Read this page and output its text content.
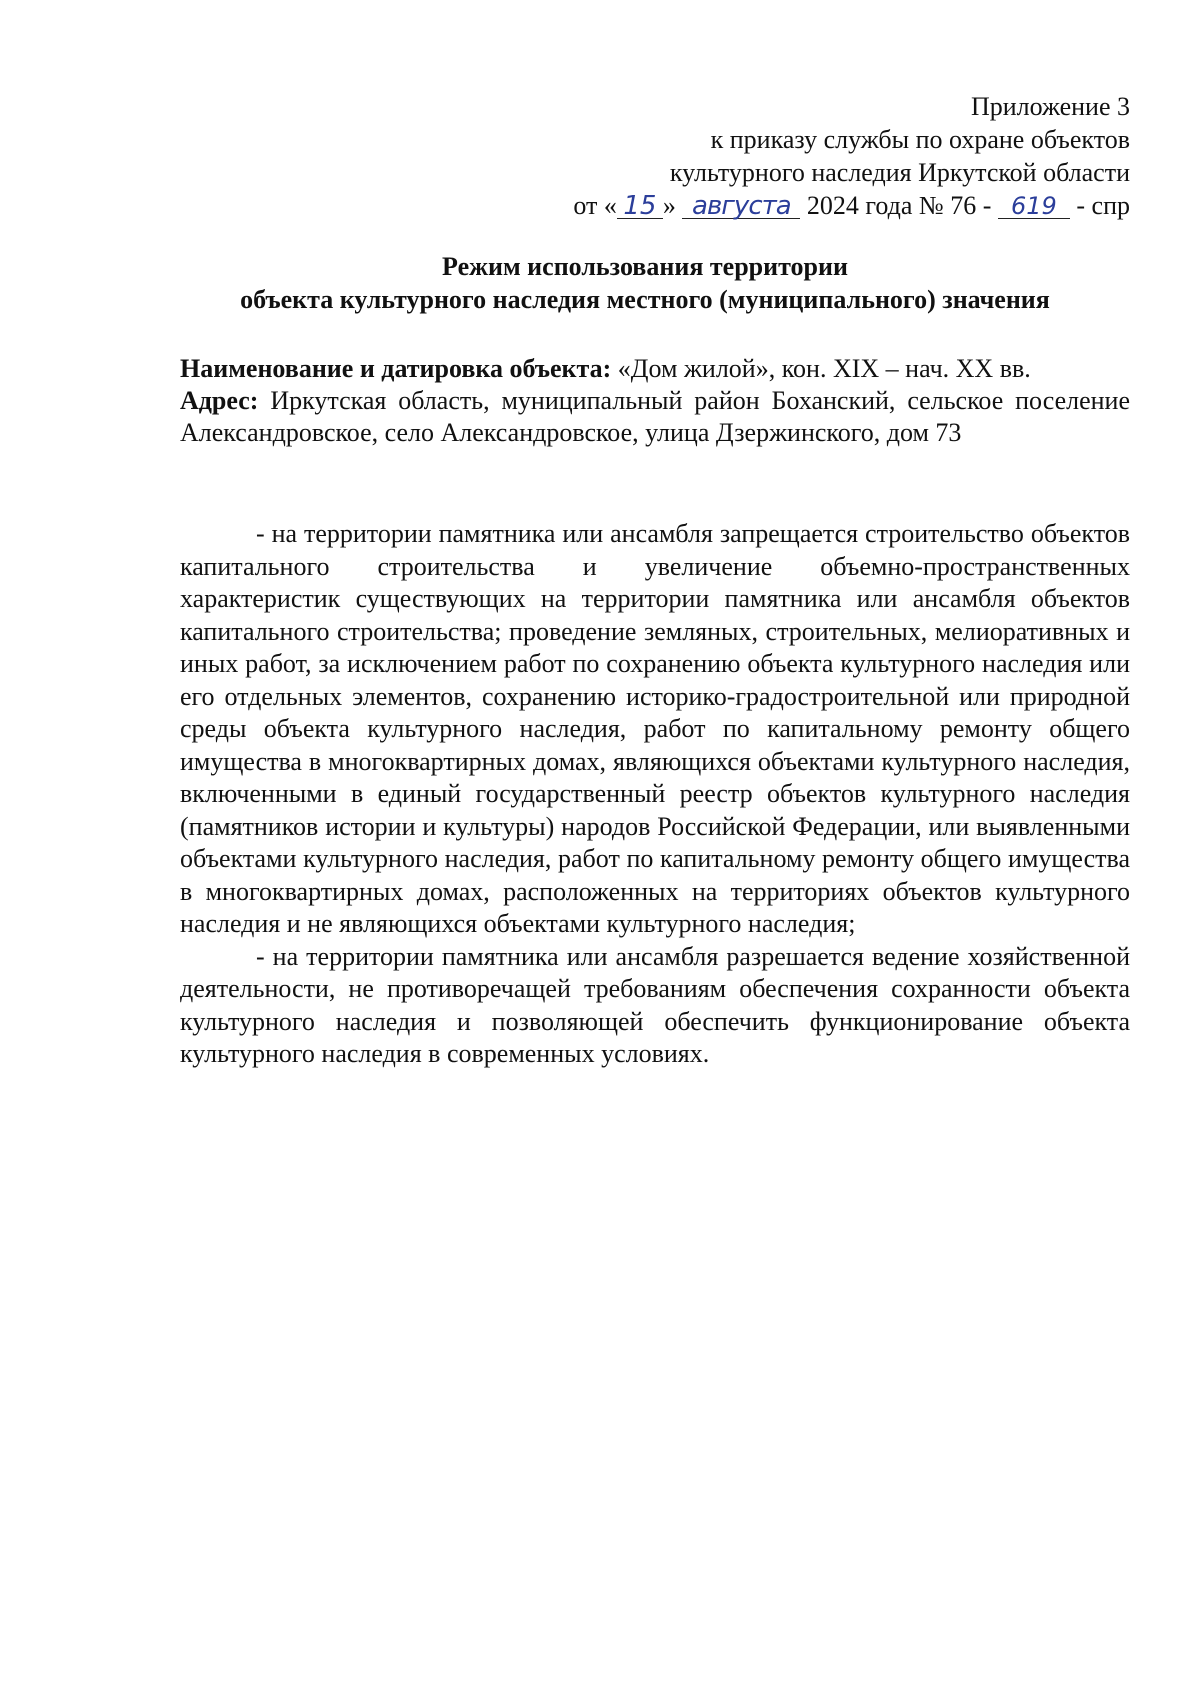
Приложение 3
к приказу службы по охране объектов
культурного наследия Иркутской области
от « 15 » августа 2024 года № 76 - 619 - спр
Режим использования территории
объекта культурного наследия местного (муниципального) значения

Наименование и датировка объекта: «Дом жилой», кон. XIX – нач. XX вв.

Адрес: Иркутская область, муниципальный район Боханский, сельское поселение Александровское, село Александровское, улица Дзержинского, дом 73

- на территории памятника или ансамбля запрещается строительство объектов капитального строительства и увеличение объемно-пространственных характеристик существующих на территории памятника или ансамбля объектов капитального строительства; проведение земляных, строительных, мелиоративных и иных работ, за исключением работ по сохранению объекта культурного наследия или его отдельных элементов, сохранению историко-градостроительной или природной среды объекта культурного наследия, работ по капитальному ремонту общего имущества в многоквартирных домах, являющихся объектами культурного наследия, включенными в единый государственный реестр объектов культурного наследия (памятников истории и культуры) народов Российской Федерации, или выявленными объектами культурного наследия, работ по капитальному ремонту общего имущества в многоквартирных домах, расположенных на территориях объектов культурного наследия и не являющихся объектами культурного наследия;

- на территории памятника или ансамбля разрешается ведение хозяйственной деятельности, не противоречащей требованиям обеспечения сохранности объекта культурного наследия и позволяющей обеспечить функционирование объекта культурного наследия в современных условиях.
